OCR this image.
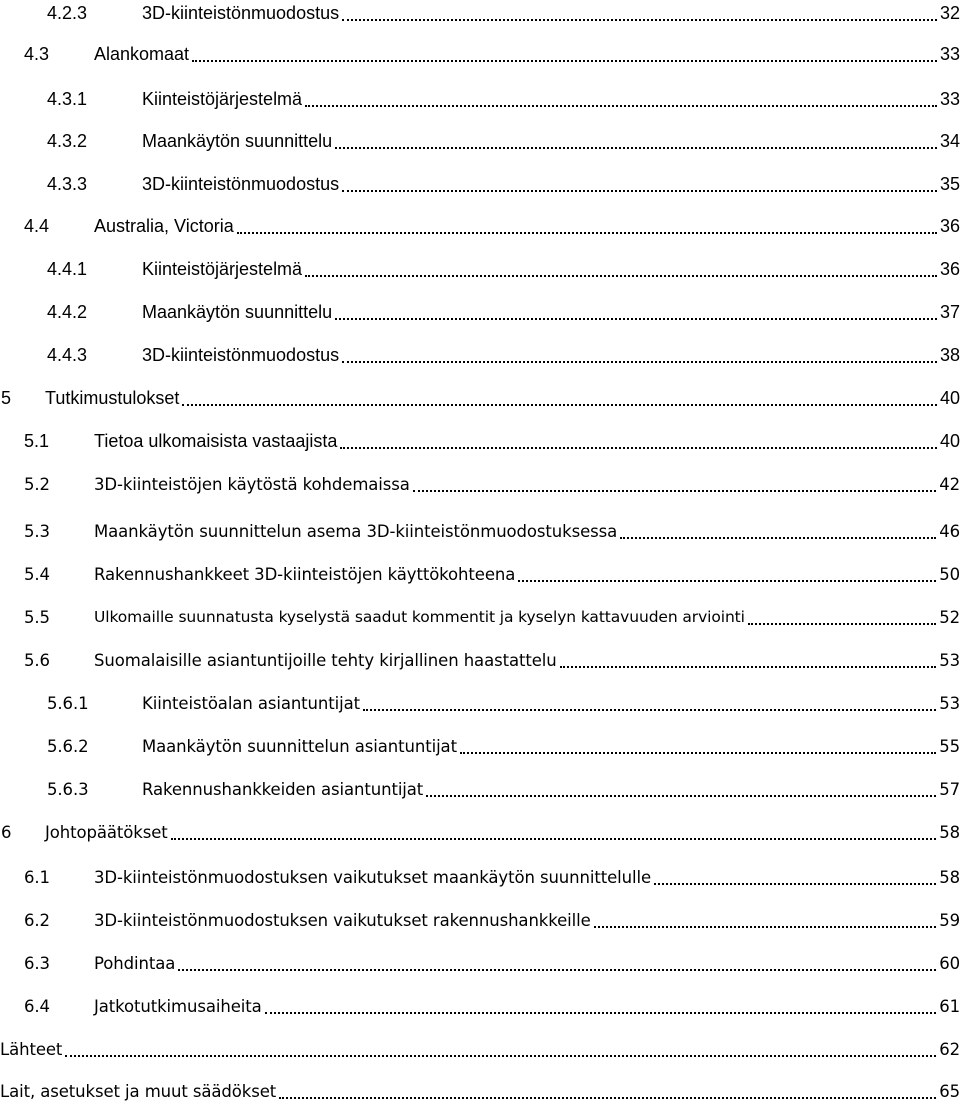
4.2.3	3D-kiinteistönmuodostus	32
4.3	Alankomaat	33
4.3.1	Kiinteistöjärjestelmä	33
4.3.2	Maankäytön suunnittelu	34
4.3.3	3D-kiinteistönmuodostus	35
4.4	Australia, Victoria	36
4.4.1	Kiinteistöjärjestelmä	36
4.4.2	Maankäytön suunnittelu	37
4.4.3	3D-kiinteistönmuodostus	38
5	Tutkimustulokset	40
5.1	Tietoa ulkomaisista vastaajista	40
5.2	3D-kiinteistöjen käytöstä kohdemaissa	42
5.3	Maankäytön suunnittelun asema 3D-kiinteistönmuodostuksessa	46
5.4	Rakennushankkeet 3D-kiinteistöjen käyttökohteena	50
5.5	Ulkomaille suunnatusta kyselystä saadut kommentit ja kyselyn kattavuuden arviointi	52
5.6	Suomalaisille asiantuntijoille tehty kirjallinen haastattelu	53
5.6.1	Kiinteistöalan asiantuntijat	53
5.6.2	Maankäytön suunnittelun asiantuntijat	55
5.6.3	Rakennushankkeiden asiantuntijat	57
6	Johtopäätökset	58
6.1	3D-kiinteistönmuodostuksen vaikutukset maankäytön suunnittelulle	58
6.2	3D-kiinteistönmuodostuksen vaikutukset rakennushankkeille	59
6.3	Pohdintaa	60
6.4	Jatkotutkimusaiheita	61
Lähteet	62
Lait, asetukset ja muut säädökset	65
